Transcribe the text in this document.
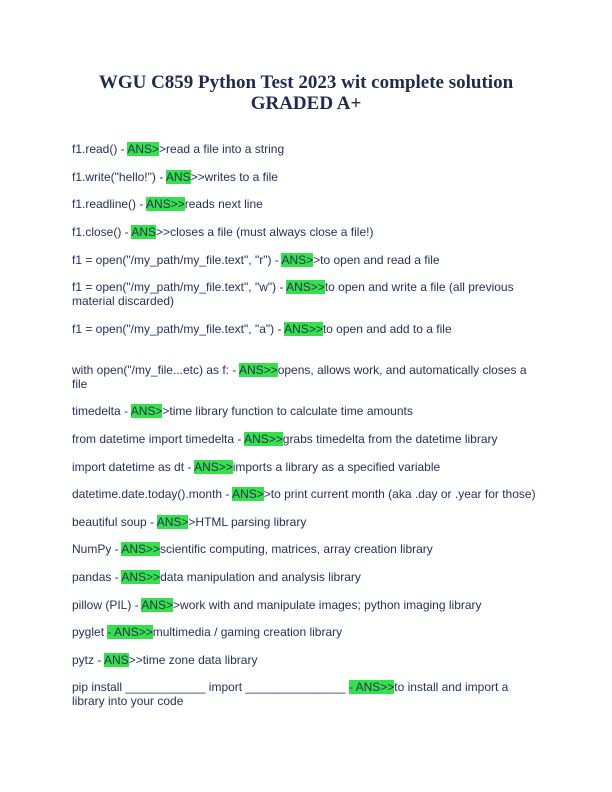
WGU C859 Python Test 2023 wit complete solution
GRADED A+
f1.read() - ANS>>read a file into a string
f1.write("hello!") - ANS>>writes to a file
f1.readline() - ANS>>reads next line
f1.close() - ANS>>closes a file (must always close a file!)
f1 = open("/my_path/my_file.text", "r") - ANS>>to open and read a file
f1 = open("/my_path/my_file.text", "w") - ANS>>to open and write a file (all previous
material discarded)
f1 = open("/my_path/my_file.text", "a") - ANS>>to open and add to a file
with open("/my_file...etc) as f: - ANS>>opens, allows work, and automatically closes a
file
timedelta - ANS>>time library function to calculate time amounts
from datetime import timedelta - ANS>>grabs timedelta from the datetime library
import datetime as dt - ANS>>imports a library as a specified variable
datetime.date.today().month - ANS>>to print current month (aka .day or .year for those)
beautiful soup - ANS>>HTML parsing library
NumPy - ANS>>scientific computing, matrices, array creation library
pandas - ANS>>data manipulation and analysis library
pillow (PIL) - ANS>>work with and manipulate images; python imaging library
pyglet - ANS>>multimedia / gaming creation library
pytz - ANS>>time zone data library
pip install ____________ import _______________ - ANS>>to install and import a
library into your code
